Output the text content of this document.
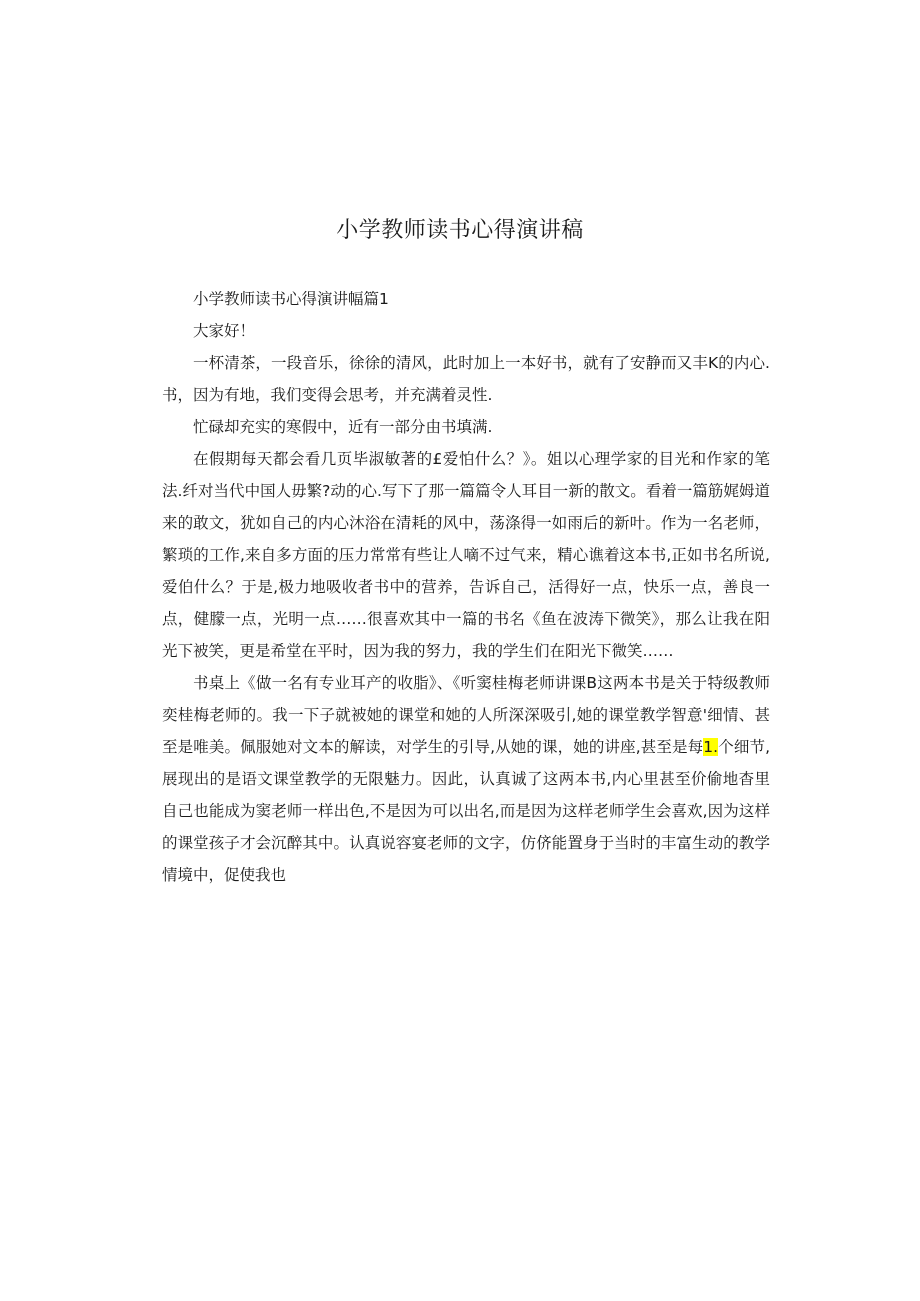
小学教师读书心得演讲稿

小学教师读书心得演讲幅篇1

大家好！

一杯清茶，一段音乐，徐徐的清风，此时加上一本好书，就有了安静而又丰K的内心.书，因为有地，我们变得会思考，并充满着灵性.

忙碌却充实的寒假中，近有一部分由书填满.

在假期每天都会看几页毕淑敏著的£爱怕什么？》。姐以心理学家的目光和作家的笔法.纤对当代中国人毋繁?动的心.写下了那一篇篇令人耳目一新的散文。看着一篇筋娓姆道来的敢文，犹如自己的内心沐浴在清耗的风中，荡涤得一如雨后的新叶。作为一名老师，繁琐的工作,来自多方面的压力常常有些让人嘀不过气来，精心谯着这本书,正如书名所说,爱伯什么？于是,极力地吸收者书中的营养，告诉自己，活得好一点，快乐一点，善良一点，健朦一点，光明一点……很喜欢其中一篇的书名《鱼在波涛下微笑》，那么让我在阳光下被笑，更是希堂在平时，因为我的努力，我的学生们在阳光下微笑……

书桌上《做一名有专业耳产的收脂》、《听窦桂梅老师讲课B这两本书是关于特级教师奕桂梅老师的。我一下子就被她的课堂和她的人所深深吸引,她的课堂教学智意'细情、甚至是唯美。佩服她对文本的解读，对学生的引导,从她的课，她的讲座,甚至是每1.个细节,展现出的是语文课堂教学的无限魅力。因此，认真诚了这两本书,内心里甚至价偷地杳里自己也能成为窦老师一样出色,不是因为可以出名,而是因为这样老师学生会喜欢,因为这样的课堂孩子才会沉醉其中。认真说容宴老师的文字，仿侪能置身于当时的丰富生动的教学情境中，促使我也
